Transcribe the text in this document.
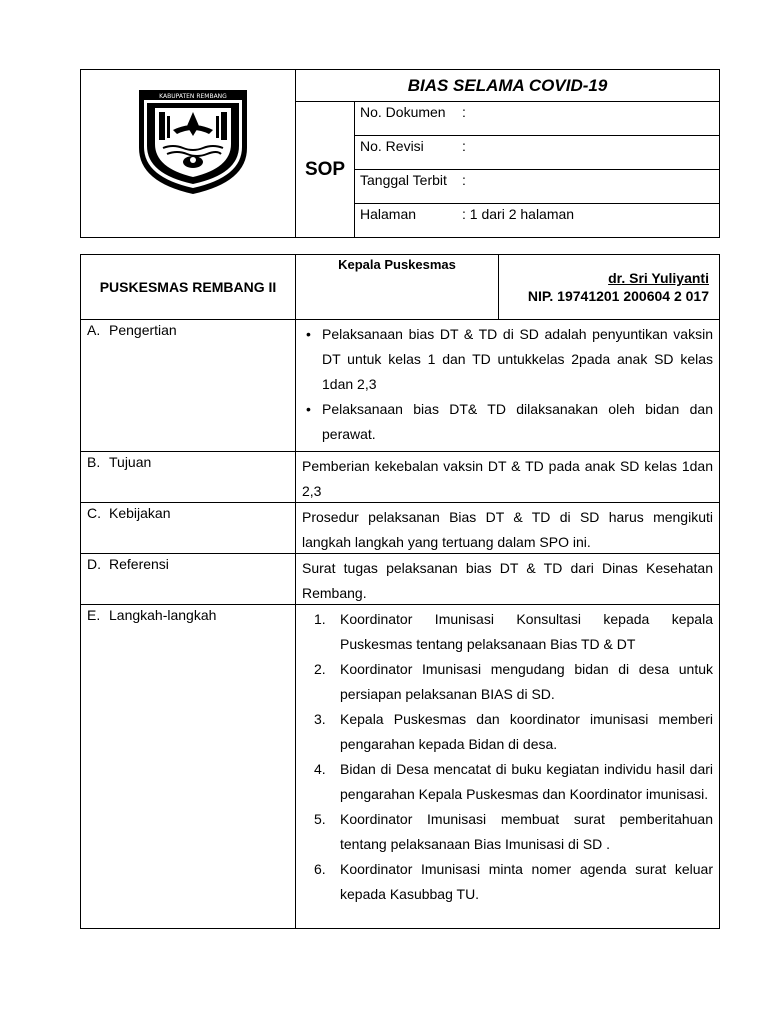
KABUPATEN REMBANG
BIAS SELAMA COVID-19
SOP
No. Dokumen :
No. Revisi	:
Tanggal Terbit :
Halaman	: 1 dari 2 halaman
PUSKESMAS REMBANG II
Kepala Puskesmas
dr. Sri Yuliyanti
NIP. 19741201 200604 2 017
A. Pengertian
•	Pelaksanaan bias DT & TD di SD adalah penyuntikan vaksin DT untuk kelas 1 dan TD untukkelas 2pada anak SD kelas 1dan 2,3
• Pelaksanaan bias DT& TD dilaksanakan oleh bidan dan perawat.
B. Tujuan	Pemberian kekebalan vaksin DT & TD pada anak SD kelas 1dan 2,3
C. Kebijakan	Prosedur pelaksanan Bias DT & TD di SD harus mengikuti langkah langkah yang tertuang dalam SPO ini.
D. Referensi	Surat tugas pelaksanan bias DT & TD dari Dinas Kesehatan Rembang.
E. Langkah-langkah	1. Koordinator Imunisasi Konsultasi kepada kepala Puskesmas tentang pelaksanaan Bias TD & DT
2. Koordinator Imunisasi mengudang bidan di desa untuk persiapan pelaksanan BIAS di SD.
3. Kepala Puskesmas dan koordinator imunisasi memberi pengarahan kepada Bidan di desa.
4. Bidan di Desa mencatat di buku kegiatan individu hasil dari pengarahan Kepala Puskesmas dan Koordinator imunisasi.
5. Koordinator Imunisasi membuat surat pemberitahuan tentang pelaksanaan Bias Imunisasi di SD .
6. Koordinator Imunisasi minta nomer agenda surat keluar kepada Kasubbag TU.
